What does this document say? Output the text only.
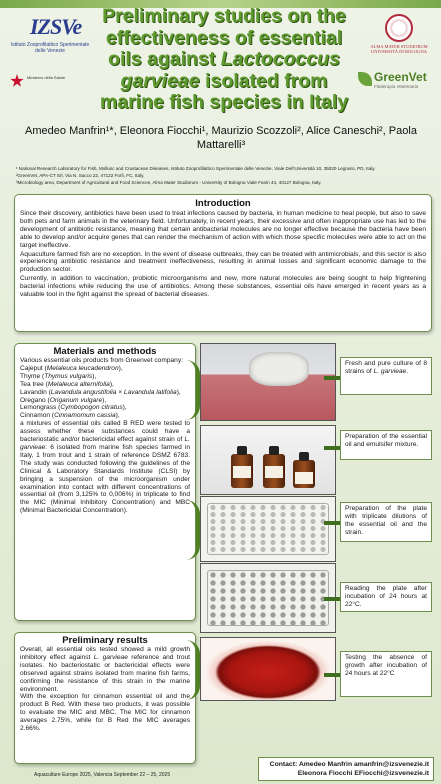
IZSVe
Istituto Zooprofilattico Sperimentale delle Venezie
Ministero della Salute
Preliminary studies on the effectiveness of essential oils against Lactococcus garvieae isolated from marine fish species in Italy
ALMA MATER STUDIORUM UNIVERSITÀ DI BOLOGNA
GreenVet
Fitoterapia Veterinaria
Amedeo Manfrin¹*, Eleonora Fiocchi¹, Maurizio Scozzoli², Alice Caneschi², Paola Mattarelli³
¹ National Research Laboratory for Fish, Mollusc and Crustacean Diseases, Istituto Zooprofilattico Sperimentale delle Venezie, Viale Dell'Università 10, 35020 Legnaro, PD, Italy.
²GreenVet, APA-CT Srl, Via N. Sacco 22, 47122 Forlì, FC, Italy.
³Microbiology area, Department of Agricultural and Food Sciences, Alma Mater Studiorum - University of Bologna Viale Fanin 44, 40127 Bologna, Italy.
Introduction

Since their discovery, antibiotics have been used to treat infections caused by bacteria, in human medicine to heal people, but also to save both pets and farm animals in the veterinary field. Unfortunately, in recent years, their excessive and often inappropriate use has led to the development of antibiotic resistance, meaning that certain antibacterial molecules are no longer effective because the bacteria have been able to develop and/or acquire genes that can render the mechanism of action with which those specific molecules were able to act on the target ineffective.

Aquaculture farmed fish are no exception. In the event of disease outbreaks, they can be treated with antimicrobials, and this sector is also experiencing antibiotic resistance and treatment ineffectiveness, resulting in animal losses and significant economic damage to the production sector.

Currently, in addition to vaccination, probiotic microorganisms and new, more natural molecules are being sought to help frightening bacterial infections while reducing the use of antibiotics. Among these substances, essential oils have emerged in recent years as a valuable tool in the fight against the spread of bacterial diseases.

Materials and methods

Various essential oils products from Greenvet company:

Cajeput (Melaleuca leucadendron),

Thyme (Thymus vulgaris),

Tea tree (Melaleuca alternifolia),

Lavandin (Lavandula angustifolia × Lavandula latifolia),

Oregano (Origanum vulgare),

Lemongrass (Cymbopogon citratus),

Cinnamon (Cinnamomum cassia),

a mixtures of essential oils called B RED were tested to assess whether these substances could have a bacteriostatic and/or bactericidal effect against strain of L. garvieae: 6 isolated from marine fish species farmed in Italy, 1 from trout and 1 strain of reference DSMZ 6783. The study was conducted following the guidelines of the Clinical & Laboratory Standards Institute (CLSI) by bringing a suspension of the microorganism under examination into contact with different concentrations of essential oil (from 3,125% to 0,006%) in triplicate to find the MIC (Minimal Inhibitory Concentration) and MBC (Minimal Bactericidal Concentration).

Preliminary results

Overall, all essential oils tested showed a mild growth inhibitory effect against L. garvieae reference and trout isolates. No bacteriostatic or bactericidal effects were observed against strains isolated from marine fish farms, confirming the resistance of this strain in the marine environment.

With the exception for cinnamon essential oil and the product B Red. With these two products, it was possible to evaluate the MIC and MBC. The MIC for cinnamon averages 2.75%, while for B Red the MIC averages 2.66%.

Fresh and pure culture of 8 strains of L. garvieae.
Preparation of the essential oil and emulsifer mixture.
Preparation of the plate with triplicate dilutions of the essential oil and the strain.
Reading the plate after incubation of 24 hours at 22°C.
Testing the absence of growth after incubation of 24 hours at 22°C
Aquaculture Europe 2025, Valencia September 22 – 25, 2025
Contact: Amedeo Manfrin amanfrin@izsvenezie.it
Eleonora Fiocchi EFiocchi@izsvenezie.it
